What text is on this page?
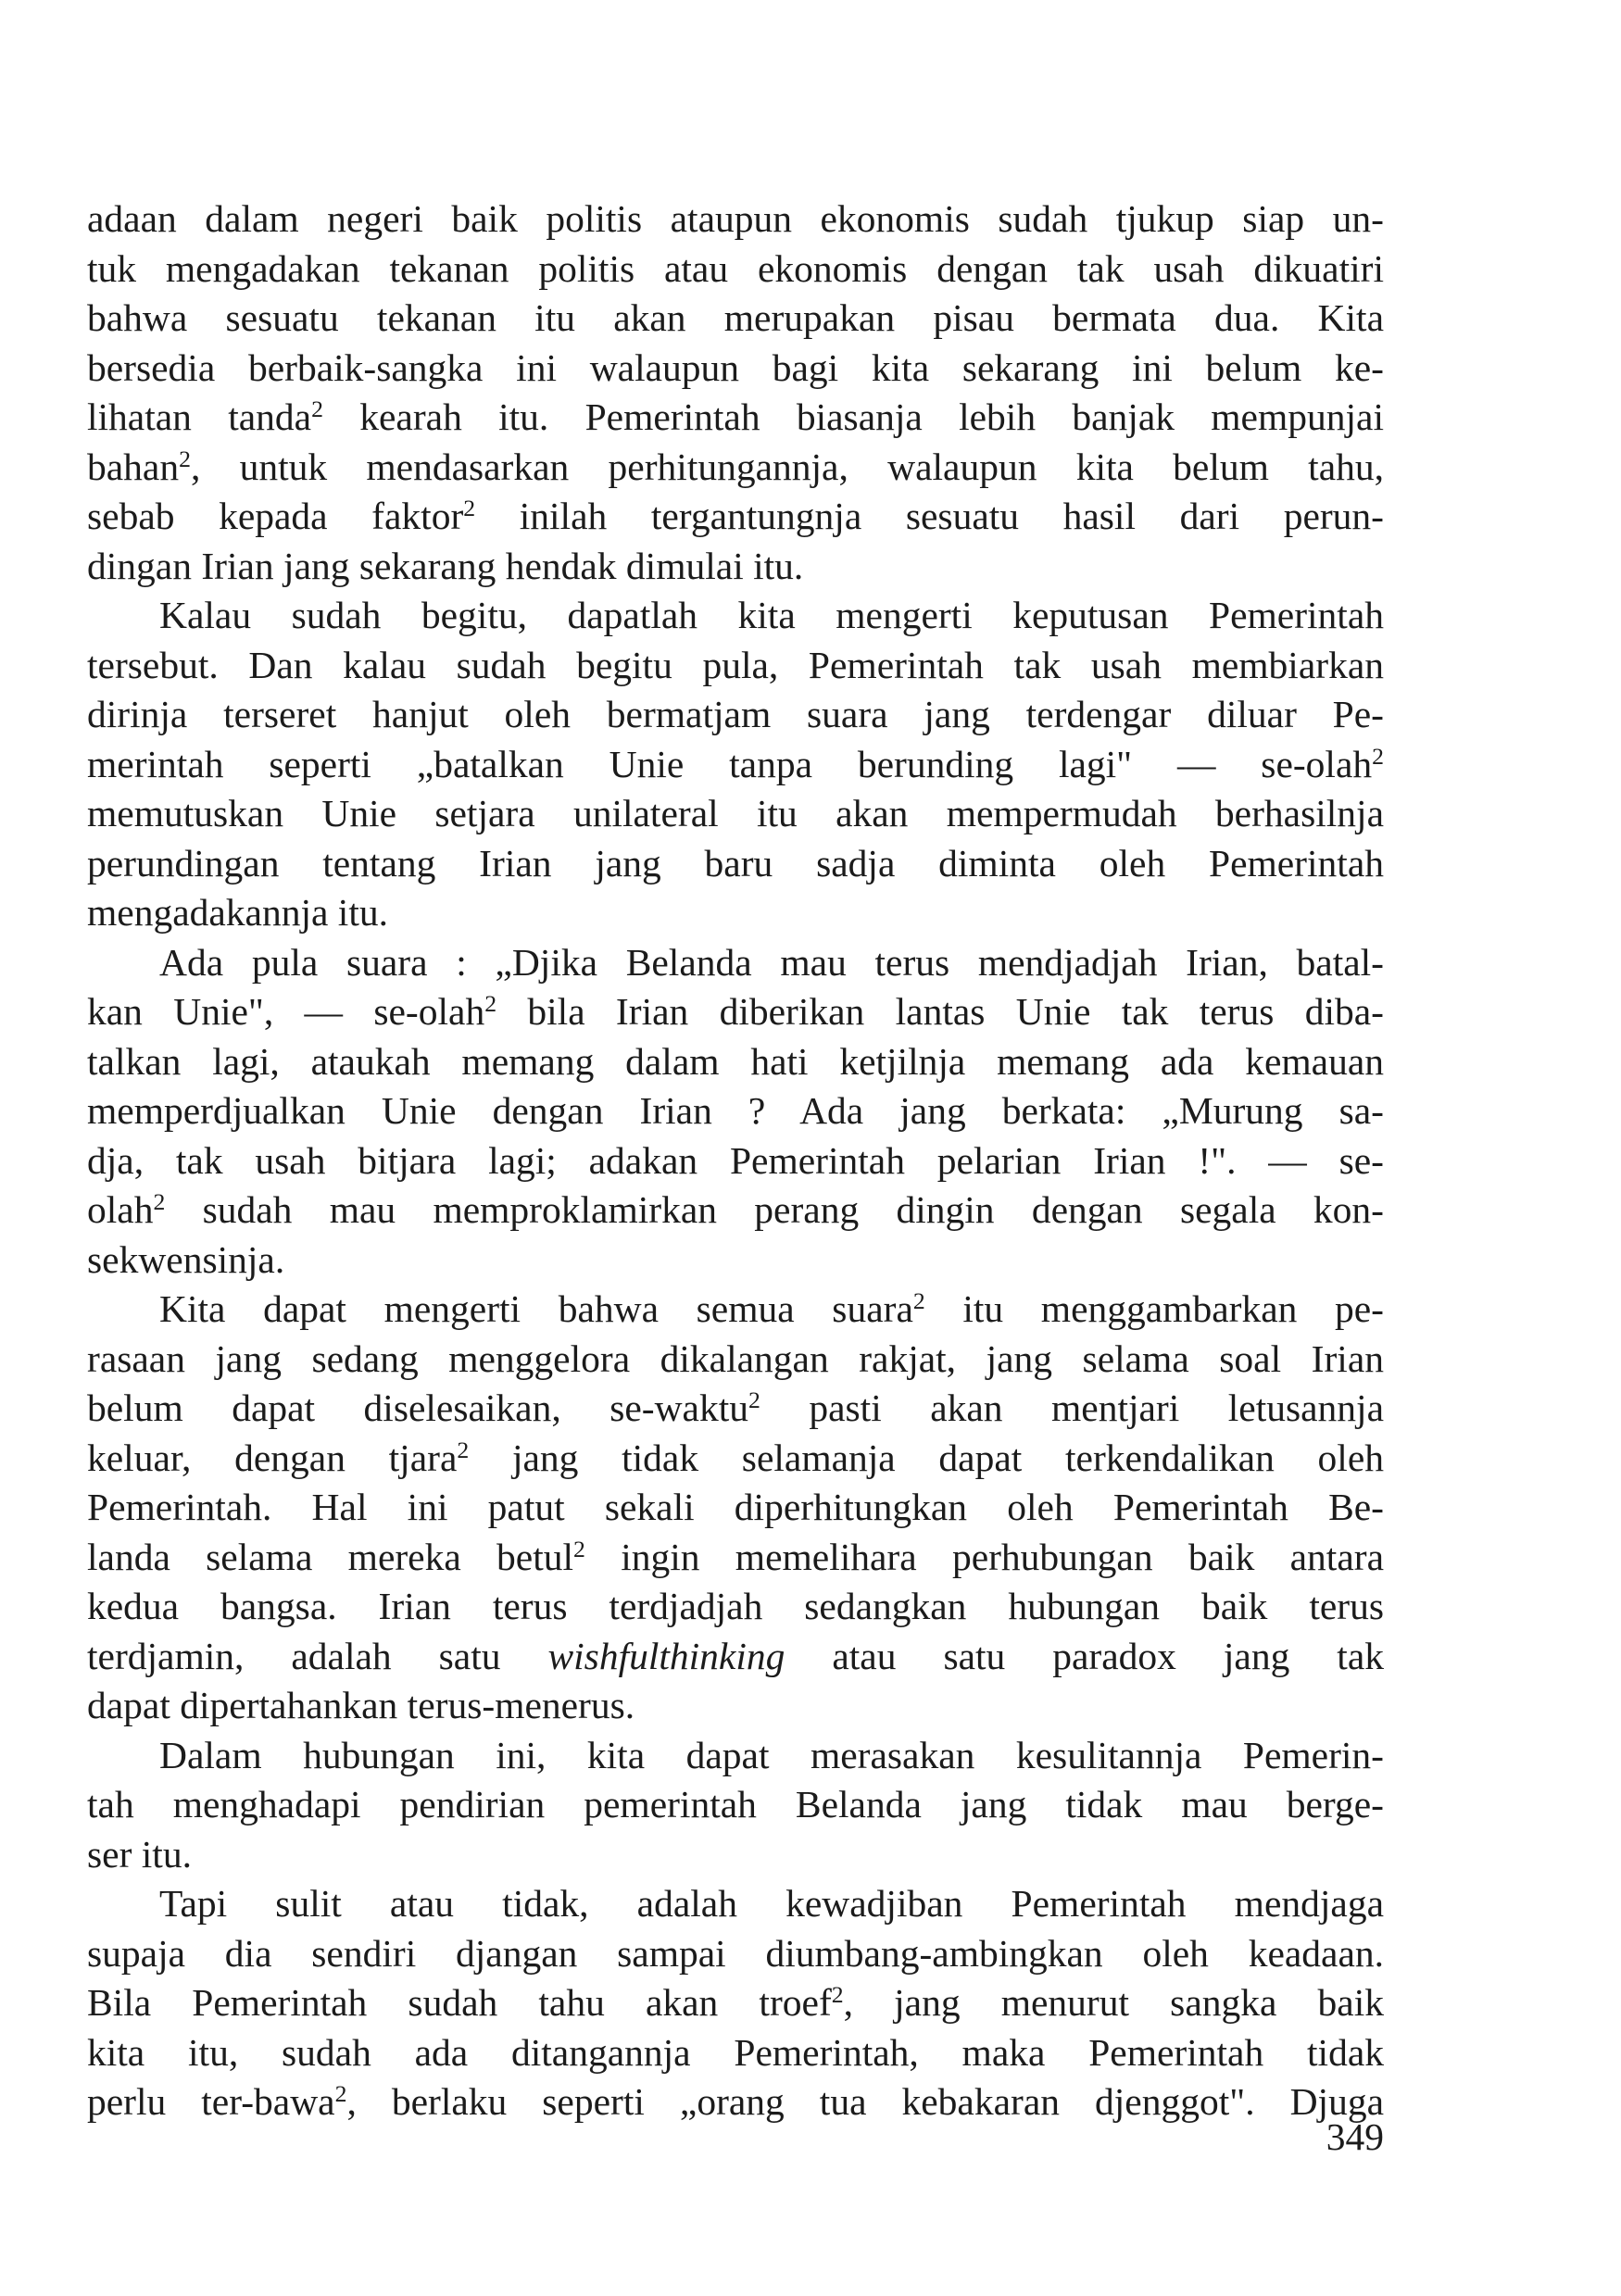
adaan dalam negeri baik politis ataupun ekonomis sudah tjukup siap un-
tuk mengadakan tekanan politis atau ekonomis dengan tak usah dikuatiri
bahwa sesuatu tekanan itu akan merupakan pisau bermata dua. Kita
bersedia berbaik-sangka ini walaupun bagi kita sekarang ini belum ke-
lihatan tanda$^2$ kearah itu. Pemerintah biasanja lebih banjak mempunjai
bahan$^2$, untuk mendasarkan perhitungannja, walaupun kita belum tahu,
sebab kepada faktor$^2$ inilah tergantungnja sesuatu hasil dari perun-
dingan Irian jang sekarang hendak dimulai itu.
Kalau sudah begitu, dapatlah kita mengerti keputusan Pemerintah
tersebut. Dan kalau sudah begitu pula, Pemerintah tak usah membiarkan
dirinja terseret hanjut oleh bermatjam suara jang terdengar diluar Pe-
merintah seperti „batalkan Unie tanpa berunding lagi" — se-olah$^2$
memutuskan Unie setjara unilateral itu akan mempermudah berhasilnja
perundingan tentang Irian jang baru sadja diminta oleh Pemerintah
mengadakannja itu.
Ada pula suara : „Djika Belanda mau terus mendjadjah Irian, batal-
kan Unie", — se-olah$^2$ bila Irian diberikan lantas Unie tak terus diba-
talkan lagi, ataukah memang dalam hati ketjilnja memang ada kemauan
memperdjualkan Unie dengan Irian ? Ada jang berkata: „Murung sa-
dja, tak usah bitjara lagi; adakan Pemerintah pelarian Irian !". — se-
olah$^2$ sudah mau memproklamirkan perang dingin dengan segala kon-
sekwensinja.
Kita dapat mengerti bahwa semua suara$^2$ itu menggambarkan pe-
rasaan jang sedang menggelora dikalangan rakjat, jang selama soal Irian
belum dapat diselesaikan, se-waktu$^2$ pasti akan mentjari letusannja
keluar, dengan tjara$^2$ jang tidak selamanja dapat terkendalikan oleh
Pemerintah. Hal ini patut sekali diperhitungkan oleh Pemerintah Be-
landa selama mereka betul$^2$ ingin memelihara perhubungan baik antara
kedua bangsa. Irian terus terdjadjah sedangkan hubungan baik terus
terdjamin, adalah satu wishfulthinking atau satu paradox jang tak
dapat dipertahankan terus-menerus.
Dalam hubungan ini, kita dapat merasakan kesulitannja Pemerin-
tah menghadapi pendirian pemerintah Belanda jang tidak mau berge-
ser itu.
Tapi sulit atau tidak, adalah kewadjiban Pemerintah mendjaga
supaja dia sendiri djangan sampai diumbang-ambingkan oleh keadaan.
Bila Pemerintah sudah tahu akan troef$^2$, jang menurut sangka baik
kita itu, sudah ada ditangannja Pemerintah, maka Pemerintah tidak
perlu ter-bawa$^2$, berlaku seperti „orang tua kebakaran djenggot". Djuga
349
